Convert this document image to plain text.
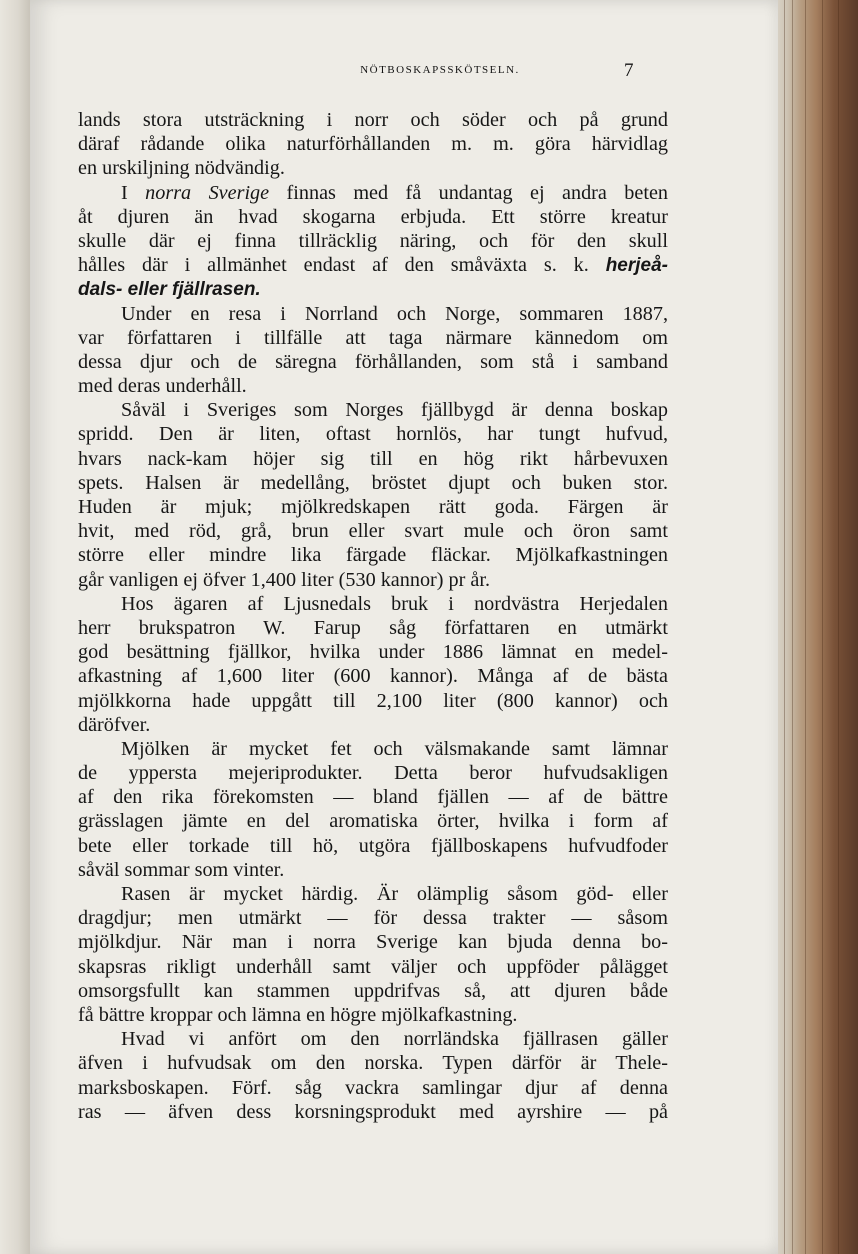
NÖTBOSKAPSSKÖTSELN.	7
lands stora utsträckning i norr och söder och på grund
däraf rådande olika naturförhållanden m. m. göra härvidlag
en urskiljning nödvändig.
I norra Sverige finnas med få undantag ej andra beten
åt djuren än hvad skogarna erbjuda. Ett större kreatur
skulle där ej finna tillräcklig näring, och för den skull
hålles där i allmänhet endast af den småväxta s. k. herjeå-
dals- eller fjällrasen.
Under en resa i Norrland och Norge, sommaren 1887,
var författaren i tillfälle att taga närmare kännedom om
dessa djur och de säregna förhållanden, som stå i samband
med deras underhåll.
Såväl i Sveriges som Norges fjällbygd är denna boskap
spridd. Den är liten, oftast hornlös, har tungt hufvud,
hvars nack-kam höjer sig till en hög rikt hårbevuxen
spets. Halsen är medellång, bröstet djupt och buken stor.
Huden är mjuk; mjölkredskapen rätt goda. Färgen är
hvit, med röd, grå, brun eller svart mule och öron samt
större eller mindre lika färgade fläckar. Mjölkafkastningen
går vanligen ej öfver 1,400 liter (530 kannor) pr år.
Hos ägaren af Ljusnedals bruk i nordvästra Herjedalen
herr brukspatron W. Farup såg författaren en utmärkt
god besättning fjällkor, hvilka under 1886 lämnat en medel-
afkastning af 1,600 liter (600 kannor). Många af de bästa
mjölkkorna hade uppgått till 2,100 liter (800 kannor) och
däröfver.
Mjölken är mycket fet och välsmakande samt lämnar
de yppersta mejeriprodukter. Detta beror hufvudsakligen
af den rika förekomsten — bland fjällen — af de bättre
grässlagen jämte en del aromatiska örter, hvilka i form af
bete eller torkade till hö, utgöra fjällboskapens hufvudfoder
såväl sommar som vinter.
Rasen är mycket härdig. Är olämplig såsom göd- eller
dragdjur; men utmärkt — för dessa trakter — såsom
mjölkdjur. När man i norra Sverige kan bjuda denna bo-
skapsras rikligt underhåll samt väljer och uppföder pålägget
omsorgsfullt kan stammen uppdrifvas så, att djuren både
få bättre kroppar och lämna en högre mjölkafkastning.
Hvad vi anfört om den norrländska fjällrasen gäller
äfven i hufvudsak om den norska. Typen därför är Thele-
marksboskapen. Förf. såg vackra samlingar djur af denna
ras — äfven dess korsningsprodukt med ayrshire — på
